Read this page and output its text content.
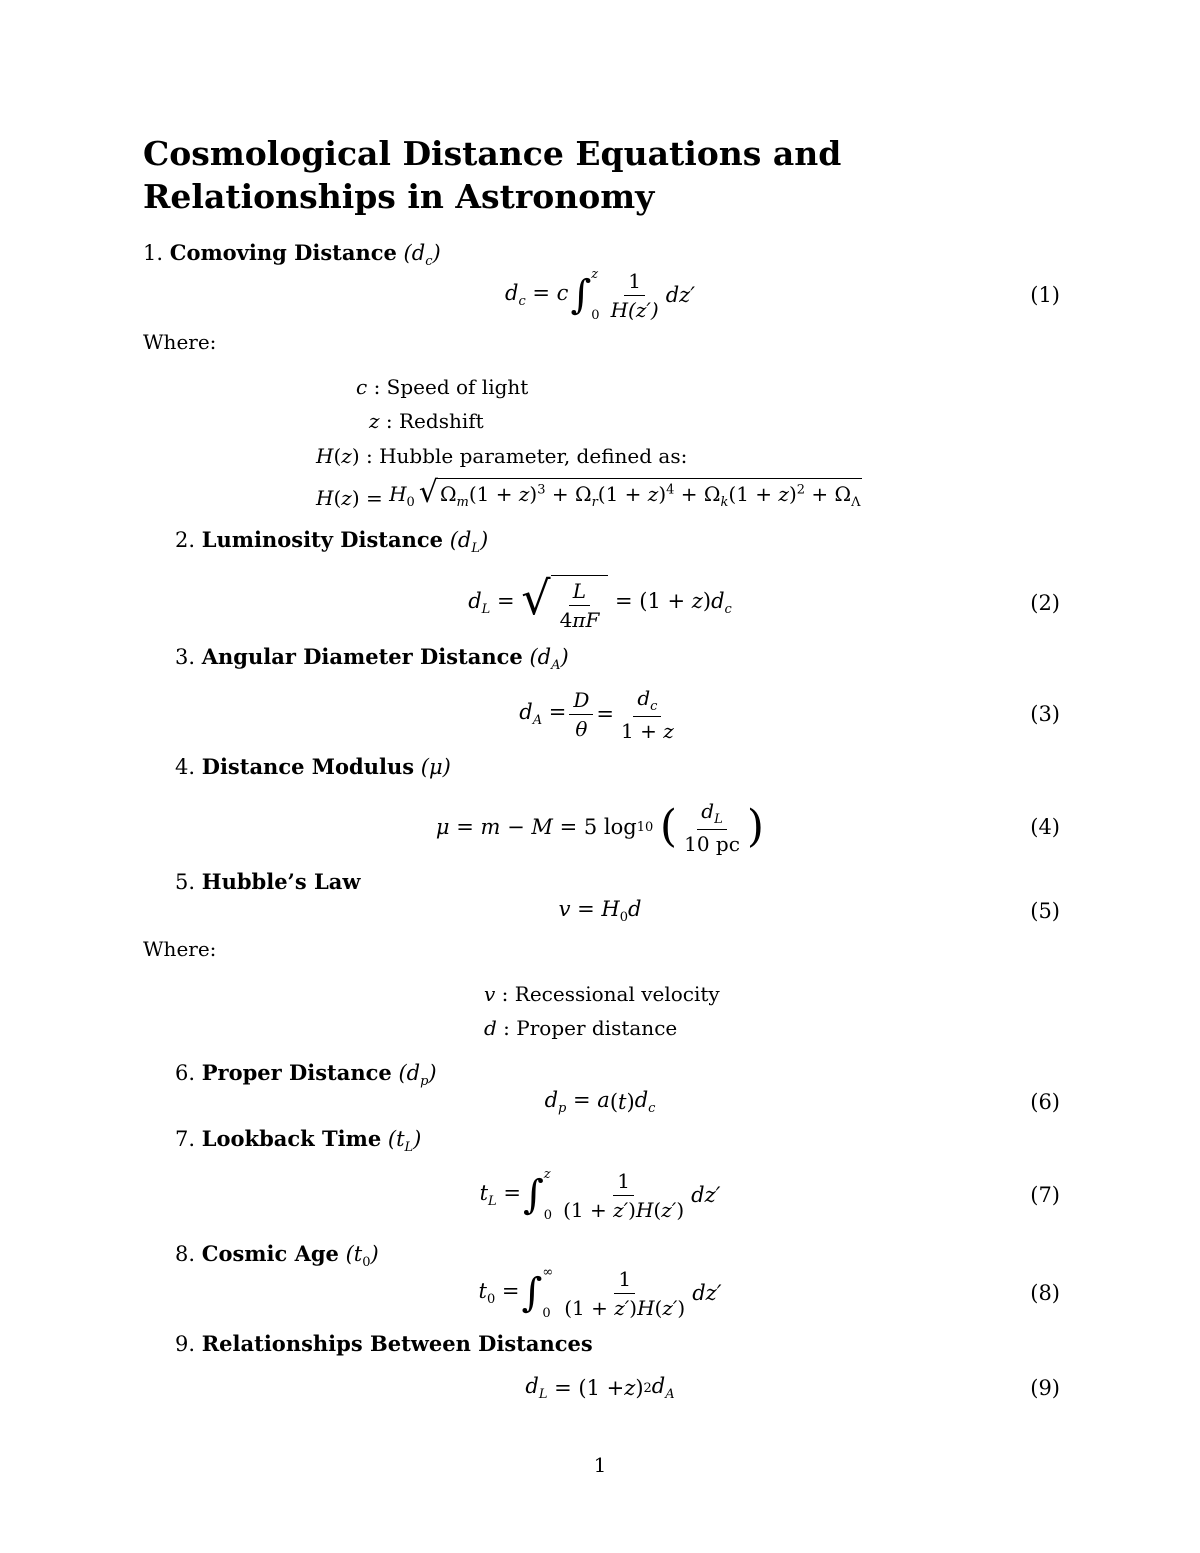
Cosmological Distance Equations and Relationships in Astronomy
1. Comoving Distance $(d_c)$
$d_c = c$ ∫ z
$0 \frac{1}{H(z')} dz'$	(1)
Where:
c
: Speed of light
z
: Redshift
H ( z ) : Hubble parameter, defined as:
H ( z ) = $H_0$ √ $\Omega_m(1 + z)^3 + \Omega_r(1 + z)^4 + \Omega_k(1 + z)^2 + \Omega_\Lambda$
2. Luminosity Distance $(d_L)$
$d_L$ = √ $\frac{L}{4\pi F} = (1 + z)d_c$	(2)
3. Angular Diameter Distance $(d_A)$
$d_A = \frac{D}{\theta} = \frac{d_c}{1 + z}$	(3)
4. Distance Modulus (μ)
μ = m − M = 5 log 10
( $\frac{d_L}{10 pc}$ )	(4)
5. Hubble’s Law
$v = H_0d$	(5)
Where:
v
: Recessional velocity
d
: Proper distance
6. Proper Distance $(d_p)$
$d_p = a$ ( t ) $d_c$	(6)
7. Lookback Time $(t_L)$
$t_L$ = ∫ z
$0 \frac{1}{(1 + z')H(z')} dz'$	(7)
8. Cosmic Age $(t_0)$
$t_0$ = ∫ ∞
$0 \frac{1}{(1 + z')H(z')} dz'$	(8)
9. Relationships Between Distances
$d_L = (1 + z$ ) 2 $d_A$	(9)
1
